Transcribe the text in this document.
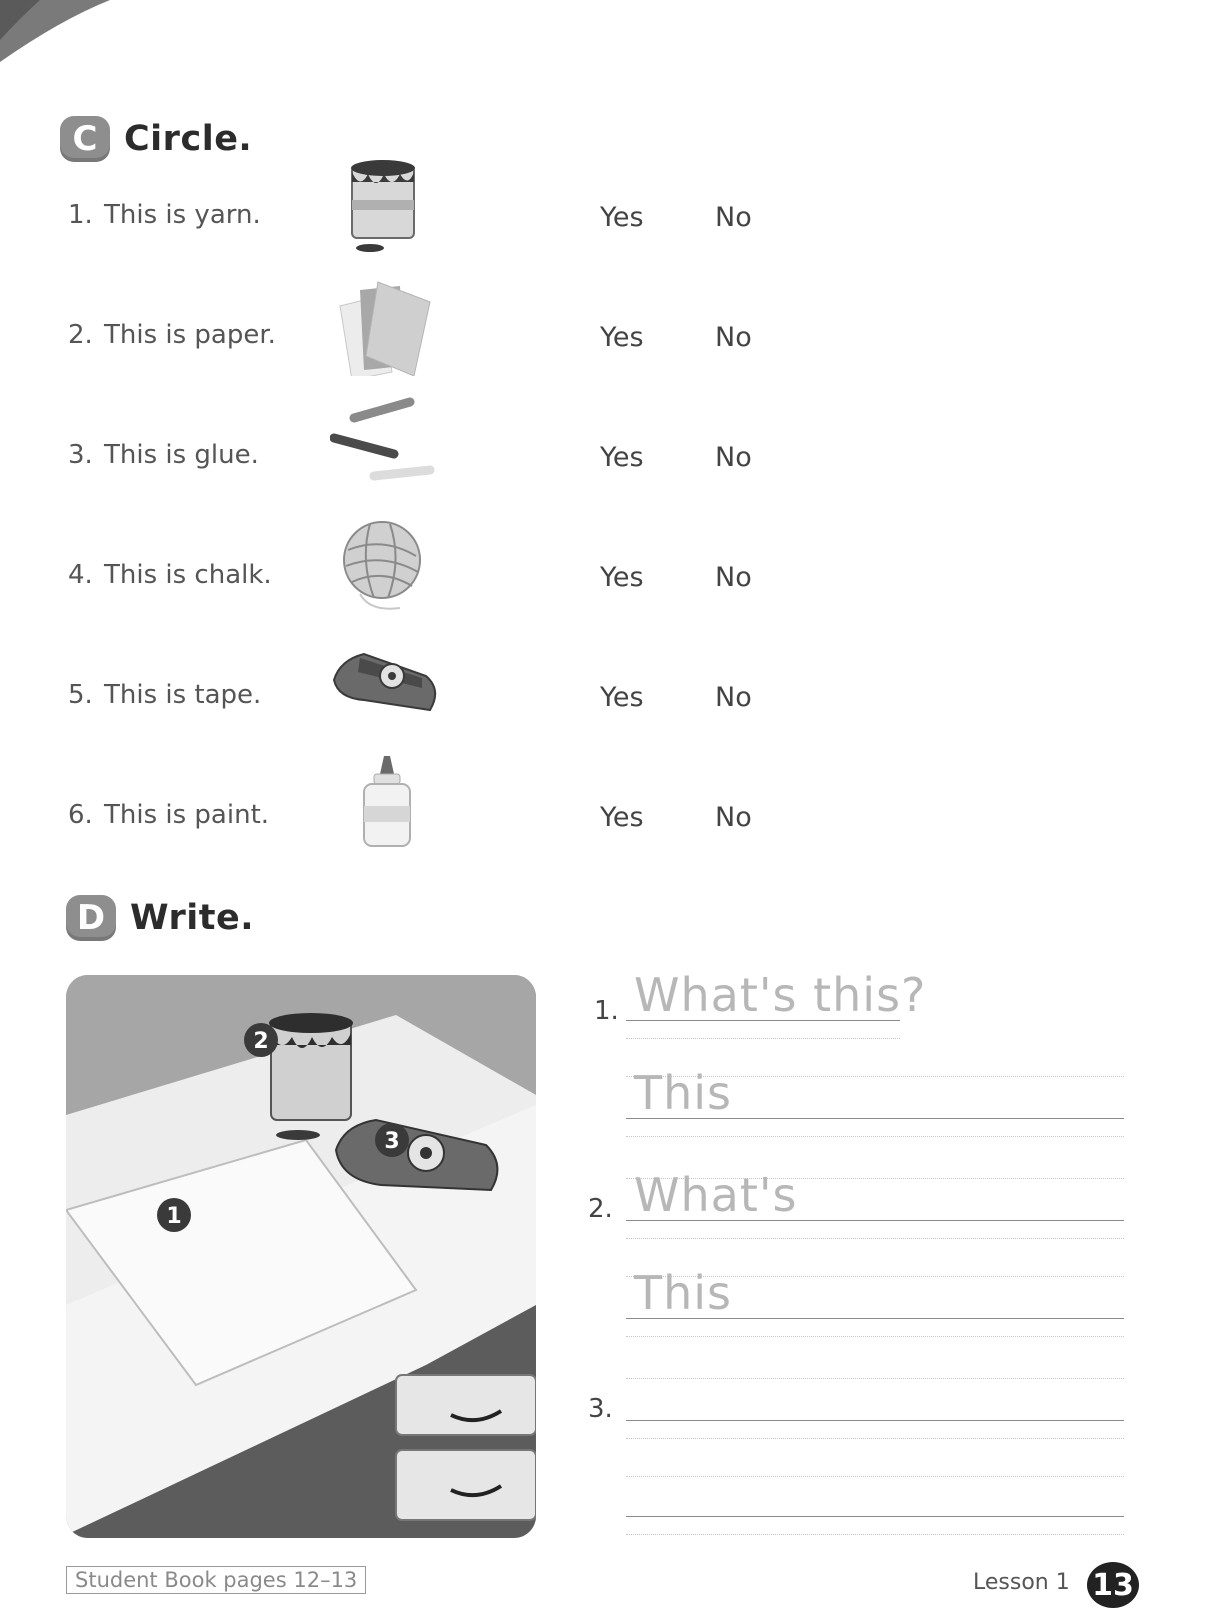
C Circle.
1. This is yarn.	Yes	No
2. This is paper.	Yes	No
3. This is glue.	Yes	No
4. This is chalk.	Yes	No
5. This is tape.	Yes	No
6. This is paint.	Yes	No
D Write.
1
2
3
1. What's this?
This
2. What's
This
3.
Student Book pages 12–13	Lesson 1 13
